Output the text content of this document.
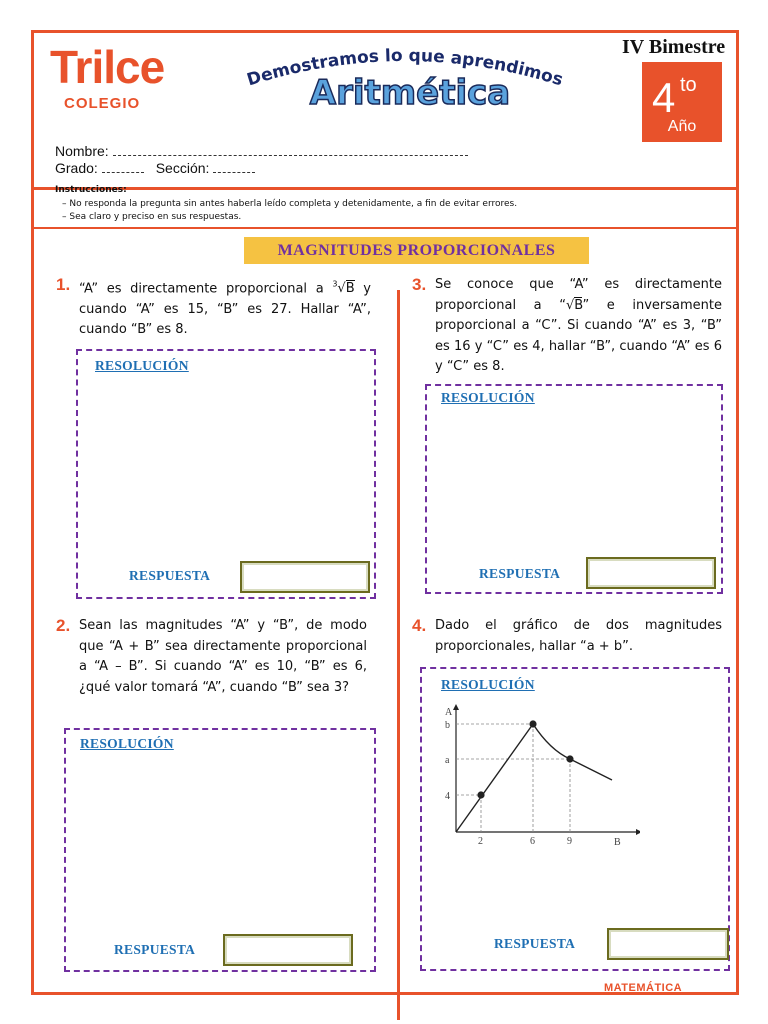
Trilce
COLEGIO
Demostramos lo que aprendimos
Aritmética
IV Bimestre
4 to
Año
Nombre:
Grado:	Sección:
Instrucciones:
– No responda la pregunta sin antes haberla leído completa y detenidamente, a fin de evitar errores.
– Sea claro y preciso en sus respuestas.
MAGNITUDES PROPORCIONALES
1. “A” es directamente proporcional a $^3$√B y cuando “A” es 15, “B” es 27. Hallar “A”, cuando “B” es 8.
RESOLUCIÓN
RESPUESTA
2. Sean las magnitudes “A” y “B”, de modo que “A + B” sea directamente proporcional a “A – B”. Si cuando “A” es 10, “B” es 6, ¿qué valor tomará “A”, cuando “B” sea 3?
RESOLUCIÓN
RESPUESTA
3. Se conoce que “A” es directamente proporcional a “√B” e inversamente proporcional a “C”. Si cuando “A” es 3, “B” es 16 y “C” es 4, hallar “B”, cuando “A” es 6 y “C” es 8.
RESOLUCIÓN
RESPUESTA
4. Dado el gráfico de dos magnitudes proporcionales, hallar “a + b”.
RESOLUCIÓN
A
B
b
a
4
2	6	9
RESPUESTA
MATEMÁTICA
